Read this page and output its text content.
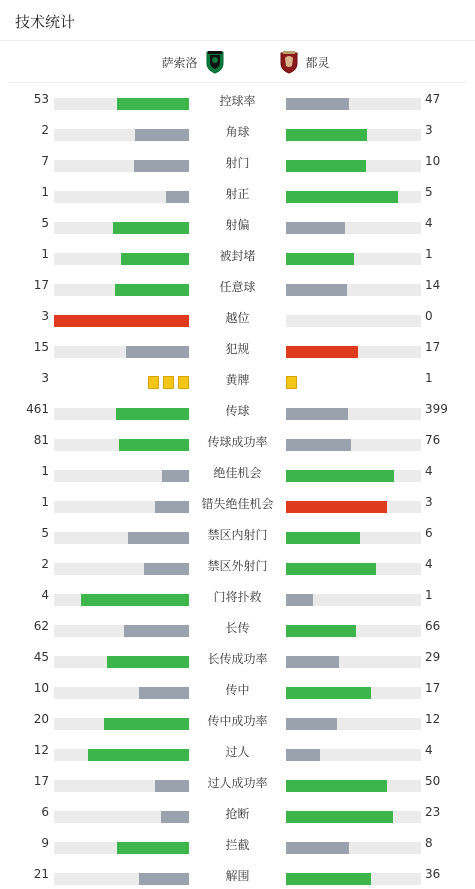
技术统计
萨索洛	都灵
53	控球率	47
2	角球	3
7	射门	10
1	射正	5
5	射偏	4
1	被封堵	1
17	任意球	14
3	越位	0
15	犯规	17
3	黄牌	1
461	传球	399
81	传球成功率	76
1	绝佳机会	4
1	错失绝佳机会	3
5	禁区内射门	6
2	禁区外射门	4
4	门将扑救	1
62	长传	66
45	长传成功率	29
10	传中	17
20	传中成功率	12
12	过人	4
17	过人成功率	50
6	抢断	23
9	拦截	8
21	解围	36
